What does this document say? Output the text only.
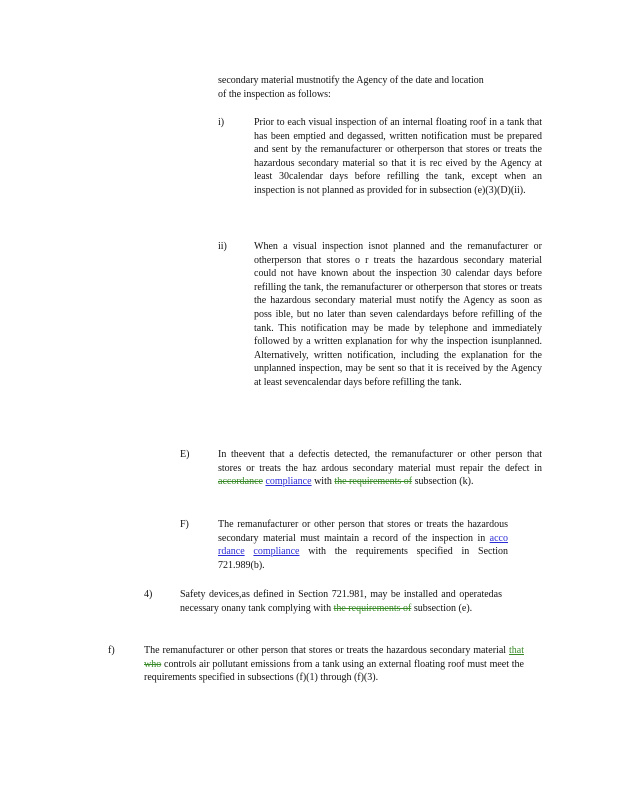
secondary material mustnotify the Agency of the date and location
of the inspection as follows:
i)	Prior to each visual inspection of an internal floating roof in a tank that has been emptied and degassed, written notification must be prepared and sent by the remanufacturer or otherperson that stores or treats the hazardous secondary material so that it is rec eived by the Agency at least 30calendar days before refilling the tank, except when an inspection is not planned as provided for in subsection (e)(3)(D)(ii).
ii)	When a visual inspection isnot planned and the remanufacturer or otherperson that stores o r treats the hazardous secondary material could not have known about the inspection 30 calendar days before refilling the tank, the remanufacturer or otherperson that stores or treats the hazardous secondary material must notify the Agency as soon as poss ible, but no later than seven calendardays before refilling of the tank. This notification may be made by telephone and immediately followed by a written explanation for why the inspection isunplanned. Alternatively, written notification, including the explanation for the unplanned inspection, may be sent so that it is received by the Agency at least sevencalendar days before refilling the tank.
E)	In theevent that a defectis detected, the remanufacturer or other person that stores or treats the haz ardous secondary material must repair the defect in accordance compliance with the requirements of subsection (k).
F)	The remanufacturer or other person that stores or treats the hazardous secondary material must maintain a record of the inspection in acco rdance compliance with the requirements specified in Section 721.989(b).
4)	Safety devices,as defined in Section 721.981, may be installed and operatedas necessary onany tank complying with the requirements of subsection (e).
f)	The remanufacturer or other person that stores or treats the hazardous secondary material that who controls air pollutant emissions from a tank using an external floating roof must meet the requirements specified in subsections (f)(1) through (f)(3).
